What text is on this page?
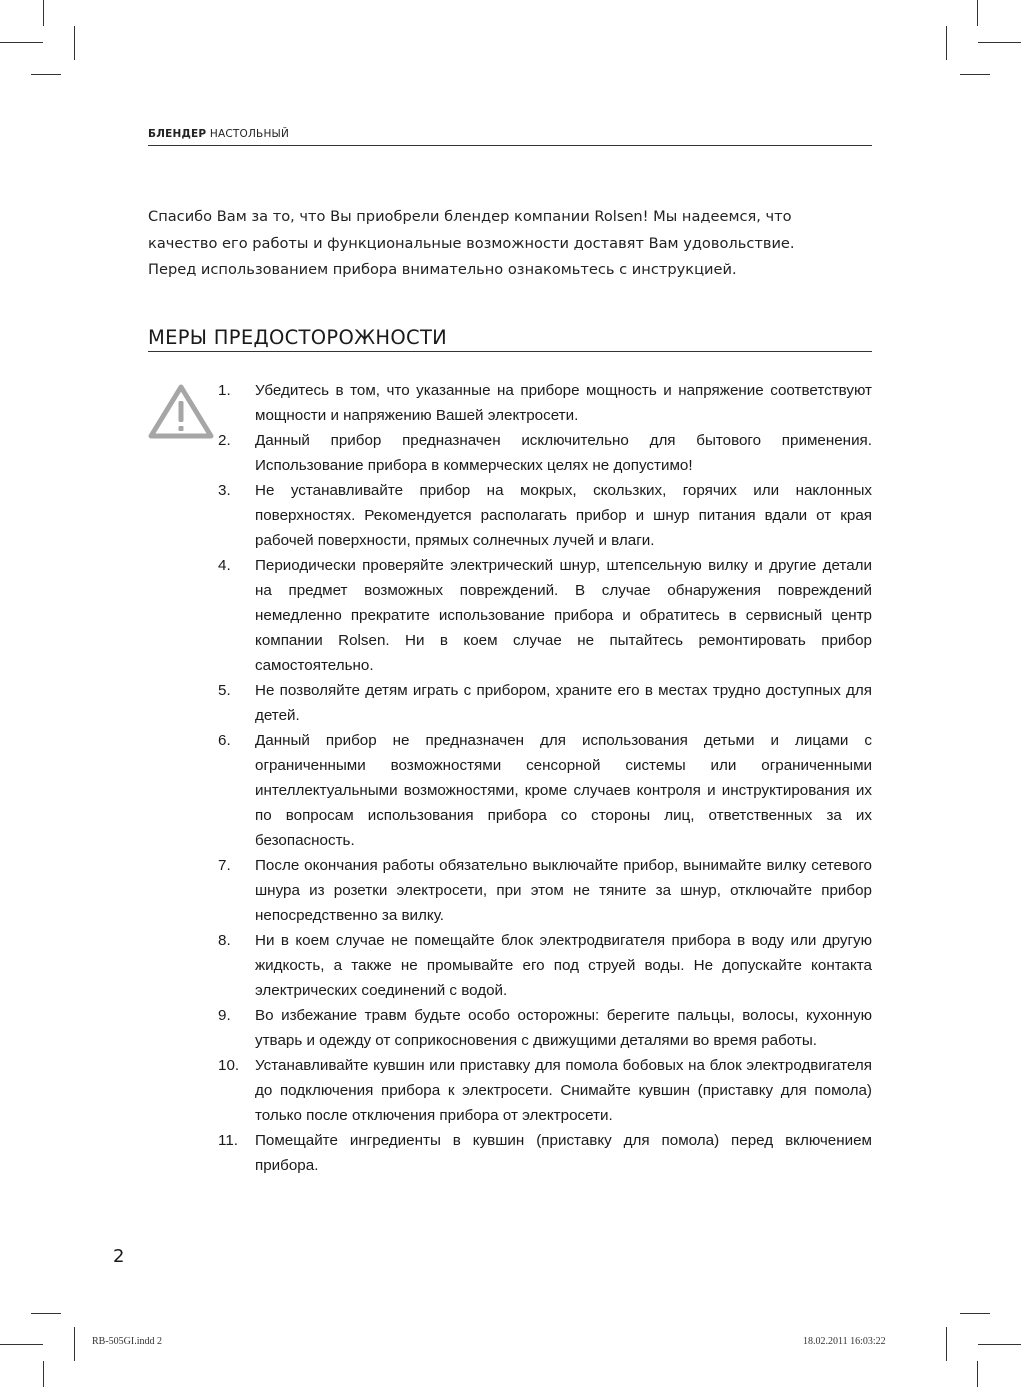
БЛЕНДЕР НАСТОЛЬНЫЙ
Спасибо Вам за то, что Вы приобрели блендер компании Rolsen! Мы надеемся, что
качество его работы и функциональные возможности доставят Вам удовольствие.
Перед использованием прибора внимательно ознакомьтесь с инструкцией.
МЕРЫ ПРЕДОСТОРОЖНОСТИ
1. Убедитесь в том, что указанные на приборе мощность и напряжение соответствуют мощности и напряжению Вашей электросети.
2. Данный прибор предназначен исключительно для бытового применения. Использование прибора в коммерческих целях не допустимо!
3. Не устанавливайте прибор на мокрых, скользких, горячих или наклонных поверхностях. Рекомендуется располагать прибор и шнур питания вдали от края рабочей поверхности, прямых солнечных лучей и влаги.
4. Периодически проверяйте электрический шнур, штепсельную вилку и другие детали на предмет возможных повреждений. В случае обнаружения повреждений немедленно прекратите использование прибора и обратитесь в сервисный центр компании Rolsen. Ни в коем случае не пытайтесь ремонтировать прибор самостоятельно.
5. Не позволяйте детям играть с прибором, храните его в местах трудно доступных для детей.
6. Данный прибор не предназначен для использования детьми и лицами с ограниченными возможностями сенсорной системы или ограниченными интеллектуальными возможностями, кроме случаев контроля и инструктирования их по вопросам использования прибора со стороны лиц, ответственных за их безопасность.
7. После окончания работы обязательно выключайте прибор, вынимайте вилку сетевого шнура из розетки электросети, при этом не тяните за шнур, отключайте прибор непосредственно за вилку.
8. Ни в коем случае не помещайте блок электродвигателя прибора в воду или другую жидкость, а также не промывайте его под струей воды. Не допускайте контакта электрических соединений с водой.
9. Во избежание травм будьте особо осторожны: берегите пальцы, волосы, кухонную утварь и одежду от соприкосновения с движущими деталями во время работы.
10. Устанавливайте кувшин или приставку для помола бобовых на блок электродвигателя до подключения прибора к электросети. Снимайте кувшин (приставку для помола) только после отключения прибора от электросети.
11. Помещайте ингредиенты в кувшин (приставку для помола) перед включением прибора.
2
RB-505GI.indd 2	18.02.2011 16:03:22
